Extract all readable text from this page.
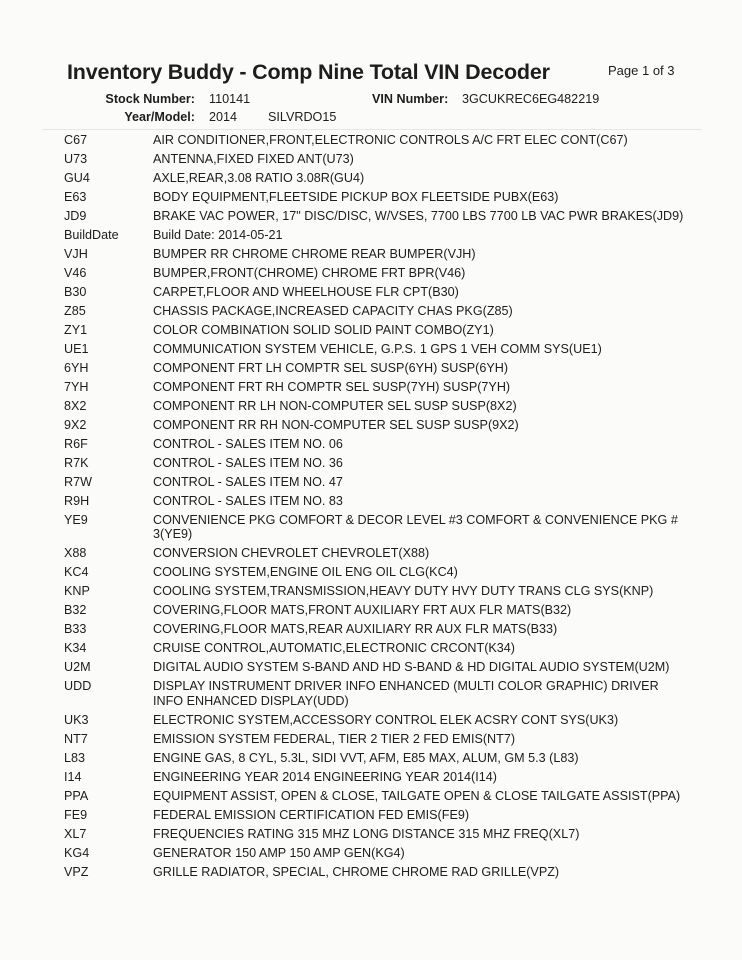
Inventory Buddy - Comp Nine Total VIN Decoder	Page 1 of 3
Stock Number: 110141	VIN Number: 3GCUKREC6EG482219
Year/Model: 2014 SILVRDO15
C67	AIR CONDITIONER,FRONT,ELECTRONIC CONTROLS A/C FRT ELEC CONT(C67)
U73	ANTENNA,FIXED FIXED ANT(U73)
GU4	AXLE,REAR,3.08 RATIO 3.08R(GU4)
E63	BODY EQUIPMENT,FLEETSIDE PICKUP BOX FLEETSIDE PUBX(E63)
JD9	BRAKE VAC POWER, 17" DISC/DISC, W/VSES, 7700 LBS 7700 LB VAC PWR BRAKES(JD9)
BuildDate	Build Date: 2014-05-21
VJH	BUMPER RR CHROME CHROME REAR BUMPER(VJH)
V46	BUMPER,FRONT(CHROME) CHROME FRT BPR(V46)
B30	CARPET,FLOOR AND WHEELHOUSE FLR CPT(B30)
Z85	CHASSIS PACKAGE,INCREASED CAPACITY CHAS PKG(Z85)
ZY1	COLOR COMBINATION SOLID SOLID PAINT COMBO(ZY1)
UE1	COMMUNICATION SYSTEM VEHICLE, G.P.S. 1 GPS 1 VEH COMM SYS(UE1)
6YH	COMPONENT FRT LH COMPTR SEL SUSP(6YH) SUSP(6YH)
7YH	COMPONENT FRT RH COMPTR SEL SUSP(7YH) SUSP(7YH)
8X2	COMPONENT RR LH NON-COMPUTER SEL SUSP SUSP(8X2)
9X2	COMPONENT RR RH NON-COMPUTER SEL SUSP SUSP(9X2)
R6F	CONTROL - SALES ITEM NO. 06
R7K	CONTROL - SALES ITEM NO. 36
R7W	CONTROL - SALES ITEM NO. 47
R9H	CONTROL - SALES ITEM NO. 83
YE9	CONVENIENCE PKG COMFORT & DECOR LEVEL #3 COMFORT & CONVENIENCE PKG # 3(YE9)
X88	CONVERSION CHEVROLET CHEVROLET(X88)
KC4	COOLING SYSTEM,ENGINE OIL ENG OIL CLG(KC4)
KNP	COOLING SYSTEM,TRANSMISSION,HEAVY DUTY HVY DUTY TRANS CLG SYS(KNP)
B32	COVERING,FLOOR MATS,FRONT AUXILIARY FRT AUX FLR MATS(B32)
B33	COVERING,FLOOR MATS,REAR AUXILIARY RR AUX FLR MATS(B33)
K34	CRUISE CONTROL,AUTOMATIC,ELECTRONIC CRCONT(K34)
U2M	DIGITAL AUDIO SYSTEM S-BAND AND HD S-BAND & HD DIGITAL AUDIO SYSTEM(U2M)
UDD	DISPLAY INSTRUMENT DRIVER INFO ENHANCED (MULTI COLOR GRAPHIC) DRIVER INFO ENHANCED DISPLAY(UDD)
UK3	ELECTRONIC SYSTEM,ACCESSORY CONTROL ELEK ACSRY CONT SYS(UK3)
NT7	EMISSION SYSTEM FEDERAL, TIER 2 TIER 2 FED EMIS(NT7)
L83	ENGINE GAS, 8 CYL, 5.3L, SIDI VVT, AFM, E85 MAX, ALUM, GM 5.3 (L83)
I14	ENGINEERING YEAR 2014 ENGINEERING YEAR 2014(I14)
PPA	EQUIPMENT ASSIST, OPEN & CLOSE, TAILGATE OPEN & CLOSE TAILGATE ASSIST(PPA)
FE9	FEDERAL EMISSION CERTIFICATION FED EMIS(FE9)
XL7	FREQUENCIES RATING 315 MHZ LONG DISTANCE 315 MHZ FREQ(XL7)
KG4	GENERATOR 150 AMP 150 AMP GEN(KG4)
VPZ	GRILLE RADIATOR, SPECIAL, CHROME CHROME RAD GRILLE(VPZ)
